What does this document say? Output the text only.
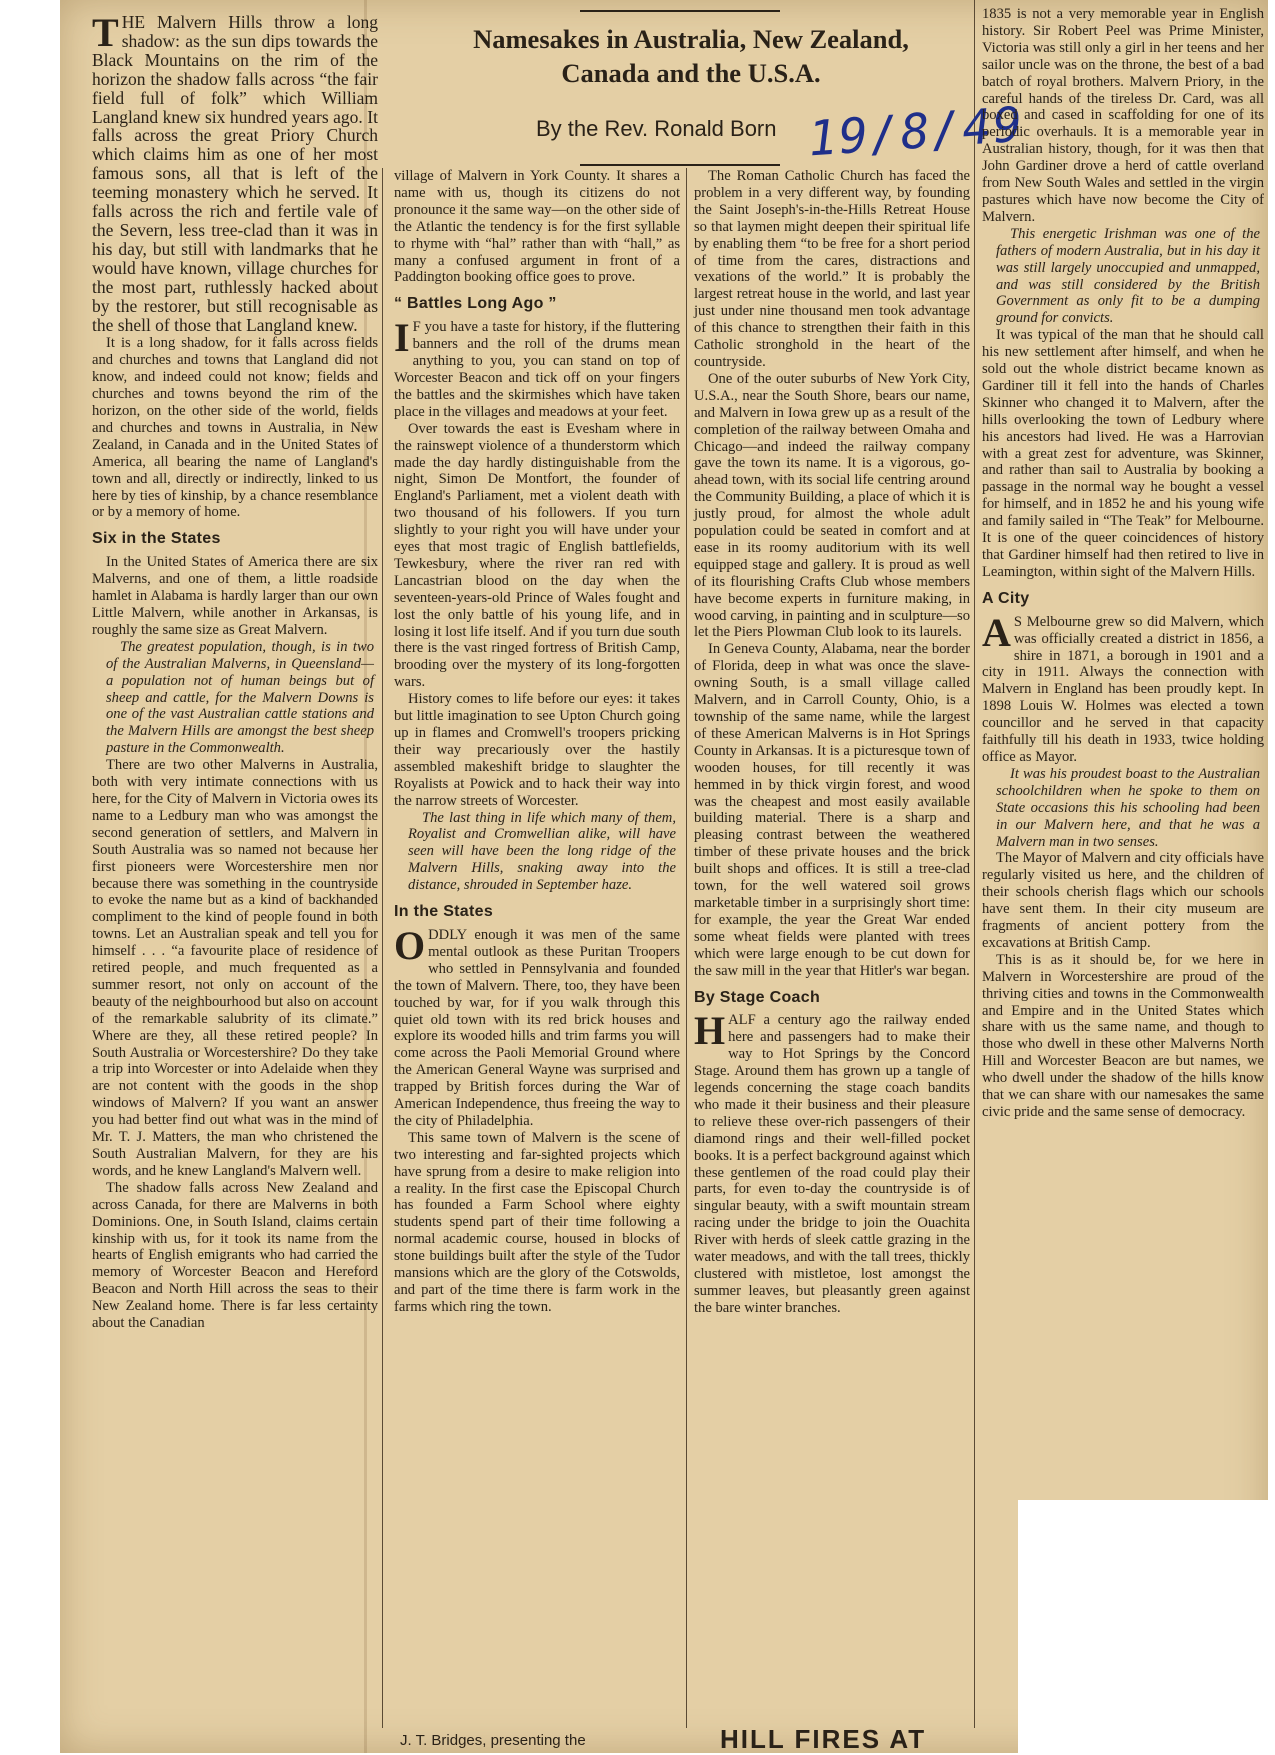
Namesakes in Australia, New Zealand,
Canada and the U.S.A.
By the Rev. Ronald Born 19/8/49

THE Malvern Hills throw a long shadow: as the sun dips towards the Black Mountains on the rim of the horizon the shadow falls across “the fair field full of folk” which William Langland knew six hundred years ago. It falls across the great Priory Church which claims him as one of her most famous sons, all that is left of the teeming monastery which he served. It falls across the rich and fertile vale of the Severn, less tree-clad than it was in his day, but still with landmarks that he would have known, village churches for the most part, ruthlessly hacked about by the restorer, but still recognisable as the shell of those that Langland knew.

It is a long shadow, for it falls across fields and churches and towns that Langland did not know, and indeed could not know; fields and churches and towns beyond the rim of the horizon, on the other side of the world, fields and churches and towns in Australia, in New Zealand, in Canada and in the United States of America, all bearing the name of Langland's town and all, directly or indirectly, linked to us here by ties of kinship, by a chance resemblance or by a memory of home.

Six in the States

In the United States of America there are six Malverns, and one of them, a little roadside hamlet in Alabama is hardly larger than our own Little Malvern, while another in Arkansas, is roughly the same size as Great Malvern.

The greatest population, though, is in two of the Australian Malverns, in Queensland—a population not of human beings but of sheep and cattle, for the Malvern Downs is one of the vast Australian cattle stations and the Malvern Hills are amongst the best sheep pasture in the Commonwealth.

There are two other Malverns in Australia, both with very intimate connections with us here, for the City of Malvern in Victoria owes its name to a Ledbury man who was amongst the second generation of settlers, and Malvern in South Australia was so named not because her first pioneers were Worcestershire men nor because there was something in the countryside to evoke the name but as a kind of backhanded compliment to the kind of people found in both towns. Let an Australian speak and tell you for himself . . . “a favourite place of residence of retired people, and much frequented as a summer resort, not only on account of the beauty of the neighbourhood but also on account of the remarkable salubrity of its climate.” Where are they, all these retired people? In South Australia or Worcestershire? Do they take a trip into Worcester or into Adelaide when they are not content with the goods in the shop windows of Malvern? If you want an answer you had better find out what was in the mind of Mr. T. J. Matters, the man who christened the South Australian Malvern, for they are his words, and he knew Langland's Malvern well.

The shadow falls across New Zealand and across Canada, for there are Malverns in both Dominions. One, in South Island, claims certain kinship with us, for it took its name from the hearts of English emigrants who had carried the memory of Worcester Beacon and Hereford Beacon and North Hill across the seas to their New Zealand home. There is far less certainty about the Canadian

village of Malvern in York County. It shares a name with us, though its citizens do not pronounce it the same way—on the other side of the Atlantic the tendency is for the first syllable to rhyme with “hal” rather than with “hall,” as many a confused argument in front of a Paddington booking office goes to prove.

“ Battles Long Ago ”

I F you have a taste for history, if the fluttering banners and the roll of the drums mean anything to you, you can stand on top of Worcester Beacon and tick off on your fingers the battles and the skirmishes which have taken place in the villages and meadows at your feet.

Over towards the east is Evesham where in the rainswept violence of a thunderstorm which made the day hardly distinguishable from the night, Simon De Montfort, the founder of England's Parliament, met a violent death with two thousand of his followers. If you turn slightly to your right you will have under your eyes that most tragic of English battlefields, Tewkesbury, where the river ran red with Lancastrian blood on the day when the seventeen-years-old Prince of Wales fought and lost the only battle of his young life, and in losing it lost life itself. And if you turn due south there is the vast ringed fortress of British Camp, brooding over the mystery of its long-forgotten wars.

History comes to life before our eyes: it takes but little imagination to see Upton Church going up in flames and Cromwell's troopers pricking their way precariously over the hastily assembled makeshift bridge to slaughter the Royalists at Powick and to hack their way into the narrow streets of Worcester.

The last thing in life which many of them, Royalist and Cromwellian alike, will have seen will have been the long ridge of the Malvern Hills, snaking away into the distance, shrouded in September haze.

In the States

ODDLY enough it was men of the same mental outlook as these Puritan Troopers who settled in Pennsylvania and founded the town of Malvern. There, too, they have been touched by war, for if you walk through this quiet old town with its red brick houses and explore its wooded hills and trim farms you will come across the Paoli Memorial Ground where the American General Wayne was surprised and trapped by British forces during the War of American Independence, thus freeing the way to the city of Philadelphia.

This same town of Malvern is the scene of two interesting and far-sighted projects which have sprung from a desire to make religion into a reality. In the first case the Episcopal Church has founded a Farm School where eighty students spend part of their time following a normal academic course, housed in blocks of stone buildings built after the style of the Tudor mansions which are the glory of the Cotswolds, and part of the time there is farm work in the farms which ring the town.

The Roman Catholic Church has faced the problem in a very different way, by founding the Saint Joseph's-in-the-Hills Retreat House so that laymen might deepen their spiritual life by enabling them “to be free for a short period of time from the cares, distractions and vexations of the world.” It is probably the largest retreat house in the world, and last year just under nine thousand men took advantage of this chance to strengthen their faith in this Catholic stronghold in the heart of the countryside.

One of the outer suburbs of New York City, U.S.A., near the South Shore, bears our name, and Malvern in Iowa grew up as a result of the completion of the railway between Omaha and Chicago—and indeed the railway company gave the town its name. It is a vigorous, go-ahead town, with its social life centring around the Community Building, a place of which it is justly proud, for almost the whole adult population could be seated in comfort and at ease in its roomy auditorium with its well equipped stage and gallery. It is proud as well of its flourishing Crafts Club whose members have become experts in furniture making, in wood carving, in painting and in sculpture—so let the Piers Plowman Club look to its laurels.

In Geneva County, Alabama, near the border of Florida, deep in what was once the slave-owning South, is a small village called Malvern, and in Carroll County, Ohio, is a township of the same name, while the largest of these American Malverns is in Hot Springs County in Arkansas. It is a picturesque town of wooden houses, for till recently it was hemmed in by thick virgin forest, and wood was the cheapest and most easily available building material. There is a sharp and pleasing contrast between the weathered timber of these private houses and the brick built shops and offices. It is still a tree-clad town, for the well watered soil grows marketable timber in a surprisingly short time: for example, the year the Great War ended some wheat fields were planted with trees which were large enough to be cut down for the saw mill in the year that Hitler's war began.

By Stage Coach

HALF a century ago the railway ended here and passengers had to make their way to Hot Springs by the Concord Stage. Around them has grown up a tangle of legends concerning the stage coach bandits who made it their business and their pleasure to relieve these over-rich passengers of their diamond rings and their well-filled pocket books. It is a perfect background against which these gentlemen of the road could play their parts, for even to-day the countryside is of singular beauty, with a swift mountain stream racing under the bridge to join the Ouachita River with herds of sleek cattle grazing in the water meadows, and with the tall trees, thickly clustered with mistletoe, lost amongst the summer leaves, but pleasantly green against the bare winter branches.

1835 is not a very memorable year in English history. Sir Robert Peel was Prime Minister, Victoria was still only a girl in her teens and her sailor uncle was on the throne, the best of a bad batch of royal brothers. Malvern Priory, in the careful hands of the tireless Dr. Card, was all boxed and cased in scaffolding for one of its periodic overhauls. It is a memorable year in Australian history, though, for it was then that John Gardiner drove a herd of cattle overland from New South Wales and settled in the virgin pastures which have now become the City of Malvern.

This energetic Irishman was one of the fathers of modern Australia, but in his day it was still largely unoccupied and unmapped, and was still considered by the British Government as only fit to be a dumping ground for convicts.

It was typical of the man that he should call his new settlement after himself, and when he sold out the whole district became known as Gardiner till it fell into the hands of Charles Skinner who changed it to Malvern, after the hills overlooking the town of Ledbury where his ancestors had lived. He was a Harrovian with a great zest for adventure, was Skinner, and rather than sail to Australia by booking a passage in the normal way he bought a vessel for himself, and in 1852 he and his young wife and family sailed in “The Teak” for Melbourne. It is one of the queer coincidences of history that Gardiner himself had then retired to live in Leamington, within sight of the Malvern Hills.

A City

A S Melbourne grew so did Malvern, which was officially created a district in 1856, a shire in 1871, a borough in 1901 and a city in 1911. Always the connection with Malvern in England has been proudly kept. In 1898 Louis W. Holmes was elected a town councillor and he served in that capacity faithfully till his death in 1933, twice holding office as Mayor.

It was his proudest boast to the Australian schoolchildren when he spoke to them on State occasions this his schooling had been in our Malvern here, and that he was a Malvern man in two senses.

The Mayor of Malvern and city officials have regularly visited us here, and the children of their schools cherish flags which our schools have sent them. In their city museum are fragments of ancient pottery from the excavations at British Camp.

This is as it should be, for we here in Malvern in Worcestershire are proud of the thriving cities and towns in the Commonwealth and Empire and in the United States which share with us the same name, and though to those who dwell in these other Malverns North Hill and Worcester Beacon are but names, we who dwell under the shadow of the hills know that we can share with our namesakes the same civic pride and the same sense of democracy.

J. T. Bridges, presenting the	HILL FIRES AT
